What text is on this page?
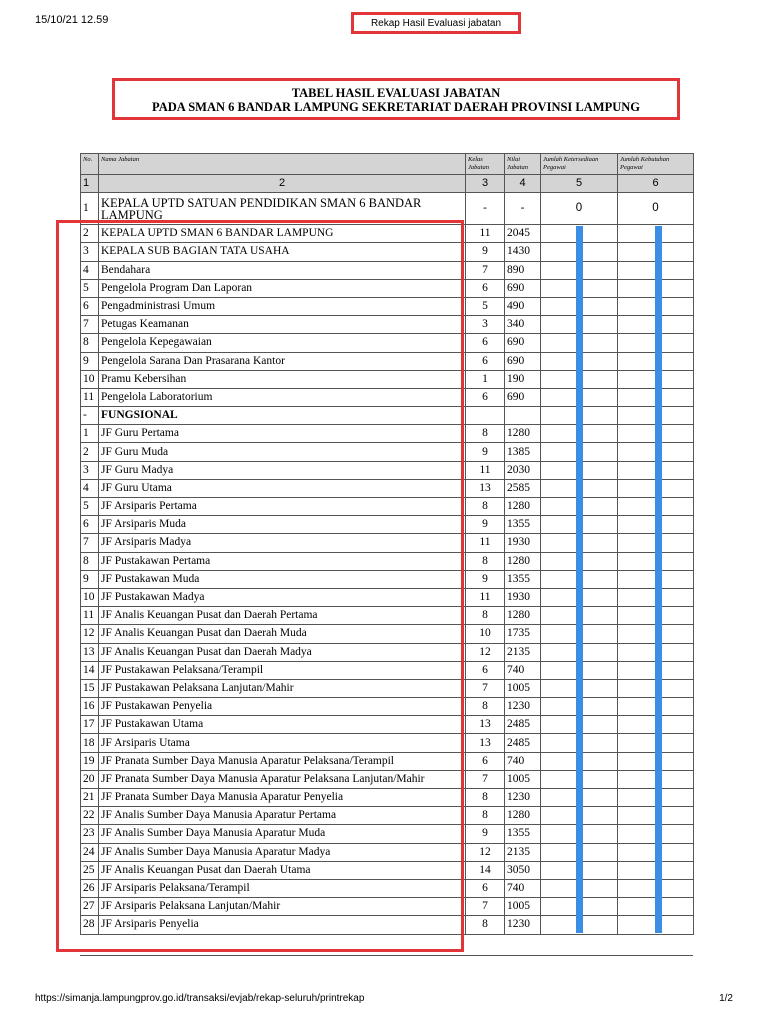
15/10/21 12.59	Rekap Hasil Evaluasi jabatan
TABEL HASIL EVALUASI JABATAN
PADA SMAN 6 BANDAR LAMPUNG SEKRETARIAT DAERAH PROVINSI LAMPUNG
No.	Nama Jabatan	Kelas Jabatan	Nilai Jabatan	Jumlah Ketersediaan Pegawai	Jumlah Kebutuhan Pegawai
1	2	3	4	5	6
1	KEPALA UPTD SATUAN PENDIDIKAN SMAN 6 BANDAR LAMPUNG	-	-	0	0
2	KEPALA UPTD SMAN 6 BANDAR LAMPUNG	11	2045		
3	KEPALA SUB BAGIAN TATA USAHA	9	1430		
4	Bendahara	7	890		
5	Pengelola Program Dan Laporan	6	690		
6	Pengadministrasi Umum	5	490		
7	Petugas Keamanan	3	340		
8	Pengelola Kepegawaian	6	690		
9	Pengelola Sarana Dan Prasarana Kantor	6	690		
10	Pramu Kebersihan	1	190		
11	Pengelola Laboratorium	6	690		
-	FUNGSIONAL				
1	JF Guru Pertama	8	1280		
2	JF Guru Muda	9	1385		
3	JF Guru Madya	11	2030		
4	JF Guru Utama	13	2585		
5	JF Arsiparis Pertama	8	1280		
6	JF Arsiparis Muda	9	1355		
7	JF Arsiparis Madya	11	1930		
8	JF Pustakawan Pertama	8	1280		
9	JF Pustakawan Muda	9	1355		
10	JF Pustakawan Madya	11	1930		
11	JF Analis Keuangan Pusat dan Daerah Pertama	8	1280		
12	JF Analis Keuangan Pusat dan Daerah Muda	10	1735		
13	JF Analis Keuangan Pusat dan Daerah Madya	12	2135		
14	JF Pustakawan Pelaksana/Terampil	6	740		
15	JF Pustakawan Pelaksana Lanjutan/Mahir	7	1005		
16	JF Pustakawan Penyelia	8	1230		
17	JF Pustakawan Utama	13	2485		
18	JF Arsiparis Utama	13	2485		
19	JF Pranata Sumber Daya Manusia Aparatur Pelaksana/Terampil	6	740		
20	JF Pranata Sumber Daya Manusia Aparatur Pelaksana Lanjutan/Mahir	7	1005		
21	JF Pranata Sumber Daya Manusia Aparatur Penyelia	8	1230		
22	JF Analis Sumber Daya Manusia Aparatur Pertama	8	1280		
23	JF Analis Sumber Daya Manusia Aparatur Muda	9	1355		
24	JF Analis Sumber Daya Manusia Aparatur Madya	12	2135		
25	JF Analis Keuangan Pusat dan Daerah Utama	14	3050		
26	JF Arsiparis Pelaksana/Terampil	6	740		
27	JF Arsiparis Pelaksana Lanjutan/Mahir	7	1005		
28	JF Arsiparis Penyelia	8	1230		
https://simanja.lampungprov.go.id/transaksi/evjab/rekap-seluruh/printrekap	1/2
